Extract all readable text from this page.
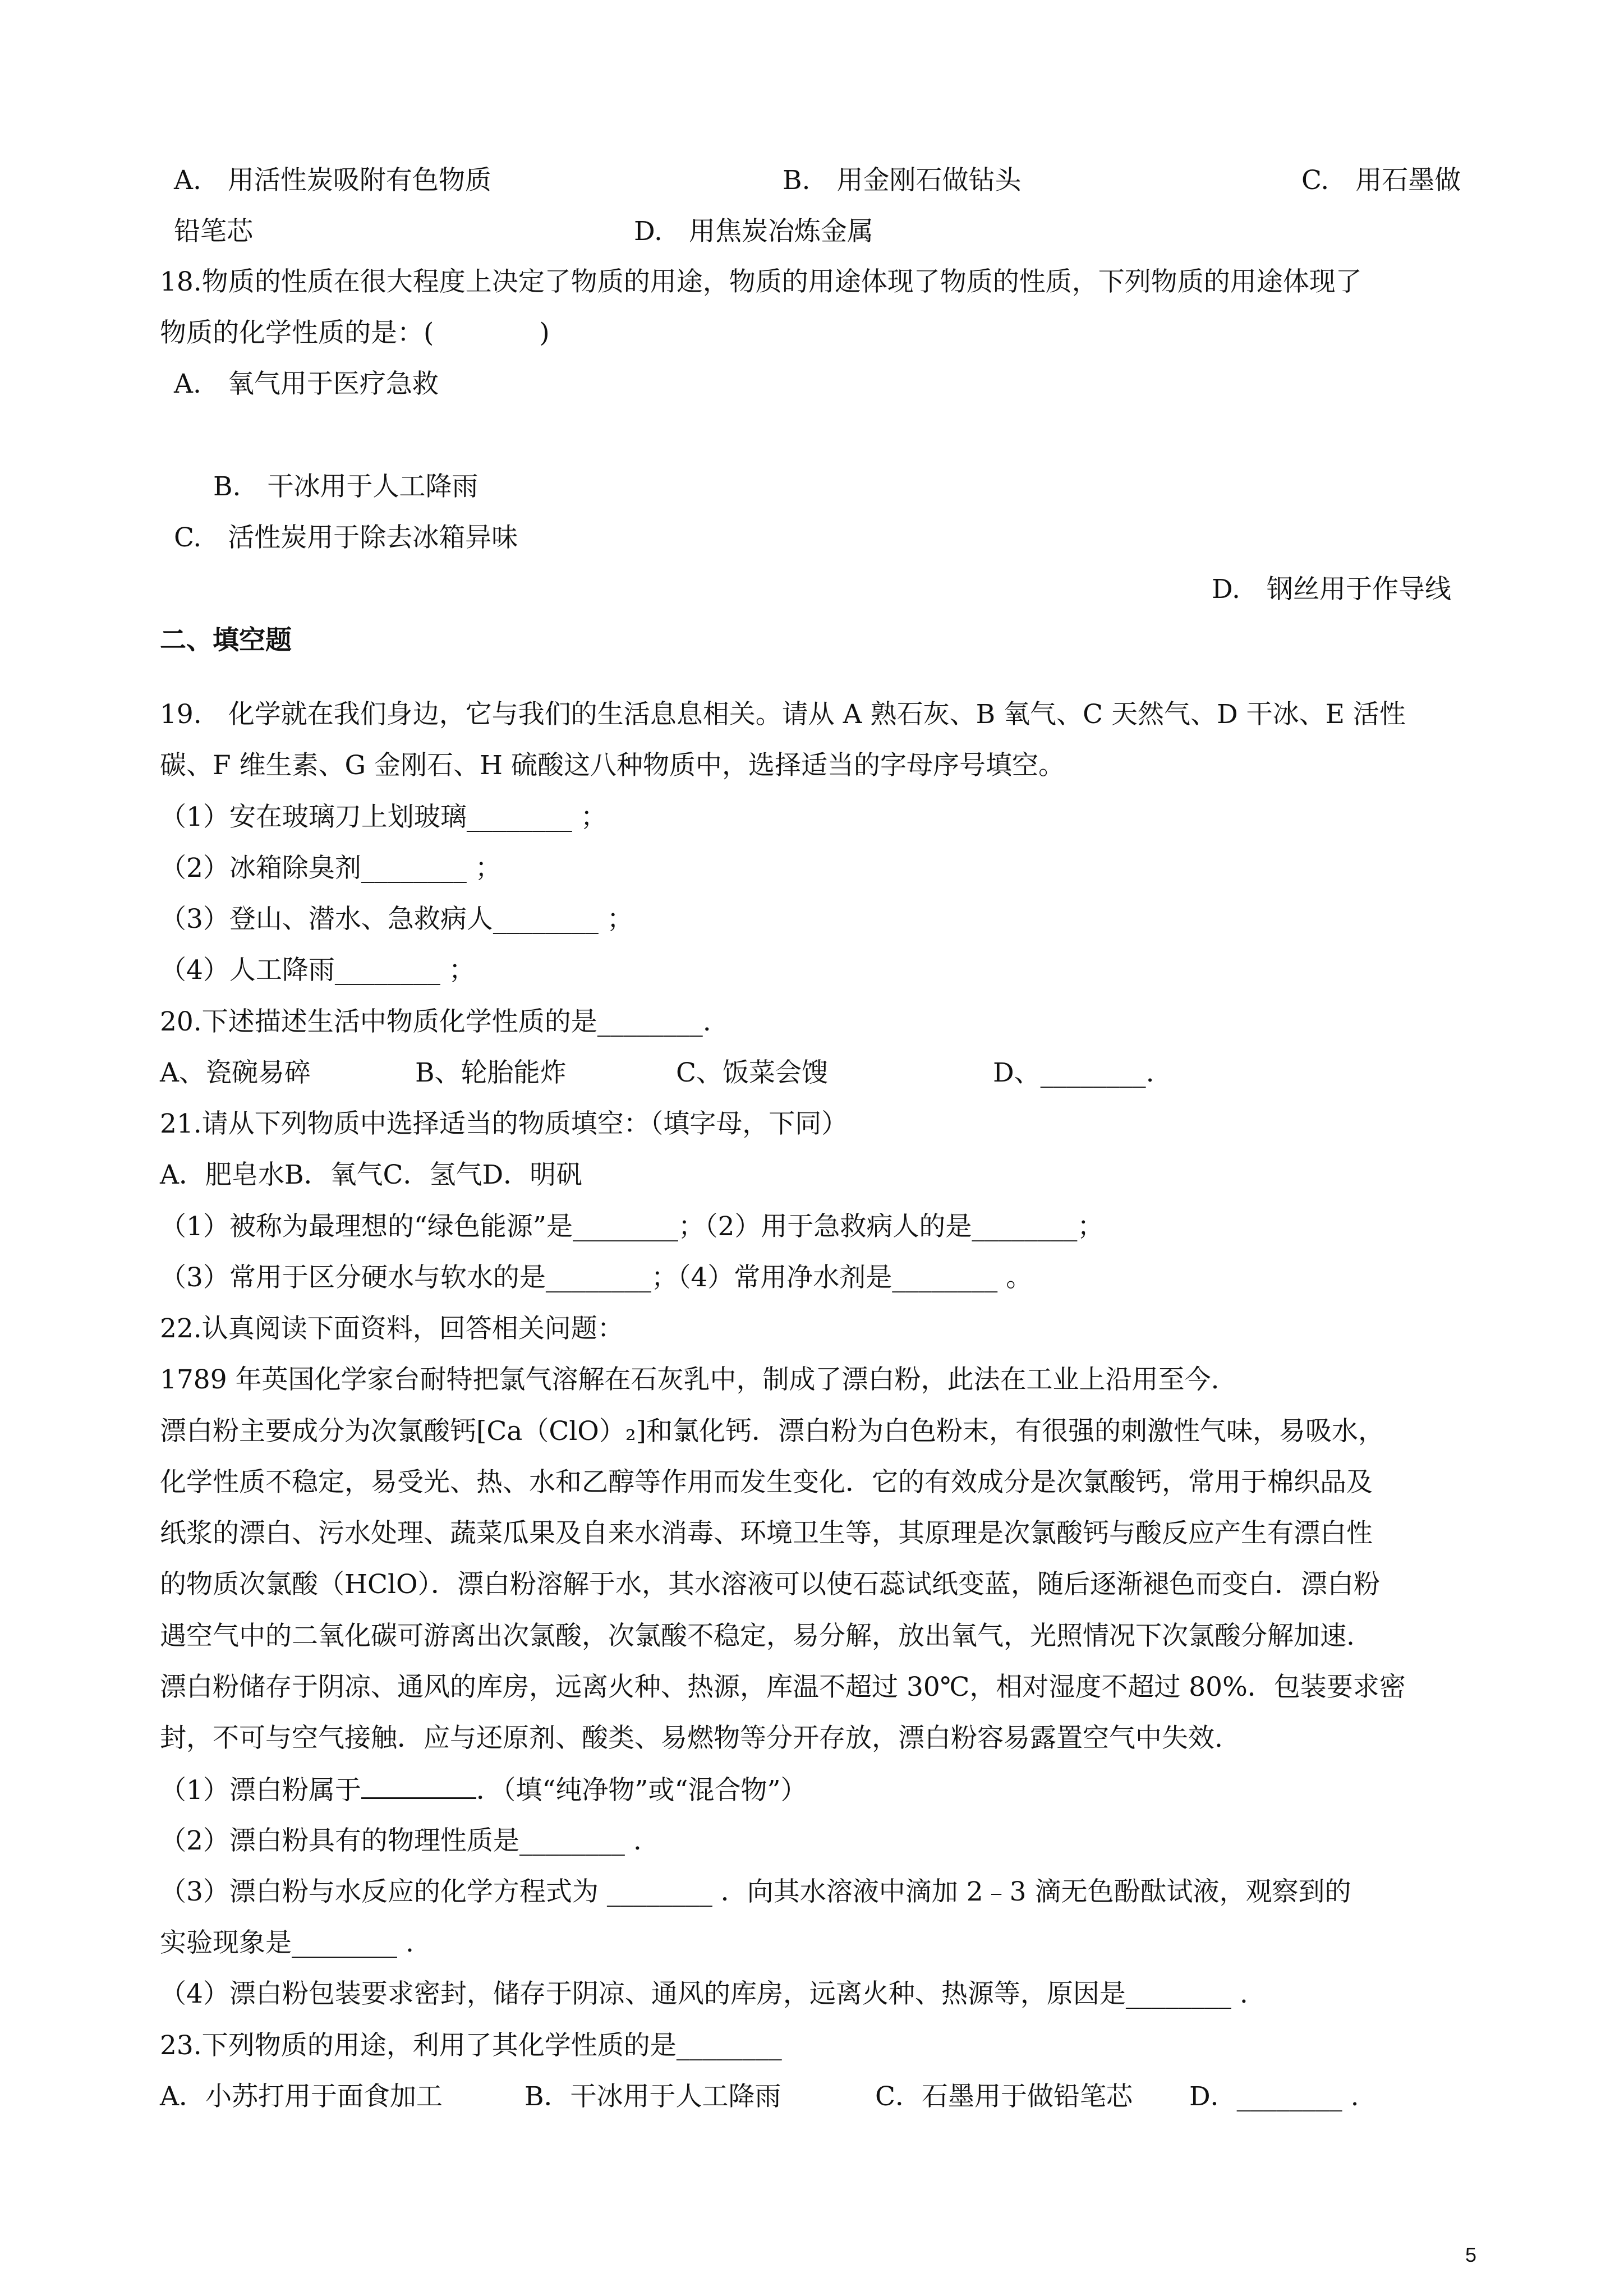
A.　用活性炭吸附有色物质	B.　用金刚石做钻头	C.　用石墨做
铅笔芯	D.　用焦炭冶炼金属
18.物质的性质在很大程度上决定了物质的用途，物质的用途体现了物质的性质，下列物质的用途体现了
物质的化学性质的是：(　　　　)
A.　氧气用于医疗急救
B.　干冰用于人工降雨
C.　活性炭用于除去冰箱异味
D.　钢丝用于作导线
二、填空题
19.　化学就在我们身边，它与我们的生活息息相关。请从 A 熟石灰、B 氧气、C 天然气、D 干冰、E 活性
碳、F 维生素、G 金刚石、H 硫酸这八种物质中，选择适当的字母序号填空。
（1）安在玻璃刀上划玻璃________ ；
（2）冰箱除臭剂________ ；
（3）登山、潜水、急救病人________ ；
（4）人工降雨________ ；
20.下述描述生活中物质化学性质的是________.
A、瓷碗易碎	B、轮胎能炸	C、饭菜会馊	D、________.
21.请从下列物质中选择适当的物质填空：（填字母，下同）
A．肥皂水B．氧气C．氢气D．明矾
（1）被称为最理想的“绿色能源”是________；（2）用于急救病人的是________；
（3）常用于区分硬水与软水的是________；（4）常用净水剂是________ 。
22.认真阅读下面资料，回答相关问题：
1789 年英国化学家台耐特把氯气溶解在石灰乳中，制成了漂白粉，此法在工业上沿用至今.
漂白粉主要成分为次氯酸钙[Ca（ClO）₂]和氯化钙．漂白粉为白色粉末，有很强的刺激性气味，易吸水，
化学性质不稳定，易受光、热、水和乙醇等作用而发生变化．它的有效成分是次氯酸钙，常用于棉织品及
纸浆的漂白、污水处理、蔬菜瓜果及自来水消毒、环境卫生等，其原理是次氯酸钙与酸反应产生有漂白性
的物质次氯酸（HClO）．漂白粉溶解于水，其水溶液可以使石蕊试纸变蓝，随后逐渐褪色而变白．漂白粉
遇空气中的二氧化碳可游离出次氯酸，次氯酸不稳定，易分解，放出氧气，光照情况下次氯酸分解加速.
漂白粉储存于阴凉、通风的库房，远离火种、热源，库温不超过 30℃，相对湿度不超过 80%．包装要求密
封，不可与空气接触．应与还原剂、酸类、易燃物等分开存放，漂白粉容易露置空气中失效.
（1）漂白粉属于	．（填“纯净物”或“混合物”）
（2）漂白粉具有的物理性质是________ .
（3）漂白粉与水反应的化学方程式为 ________ ．向其水溶液中滴加 2﹣3 滴无色酚酞试液，观察到的
实验现象是________ .
（4）漂白粉包装要求密封，储存于阴凉、通风的库房，远离火种、热源等，原因是________ .
23.下列物质的用途，利用了其化学性质的是________
A．小苏打用于面食加工	B．干冰用于人工降雨	C．石墨用于做铅笔芯 D．________ .
5
